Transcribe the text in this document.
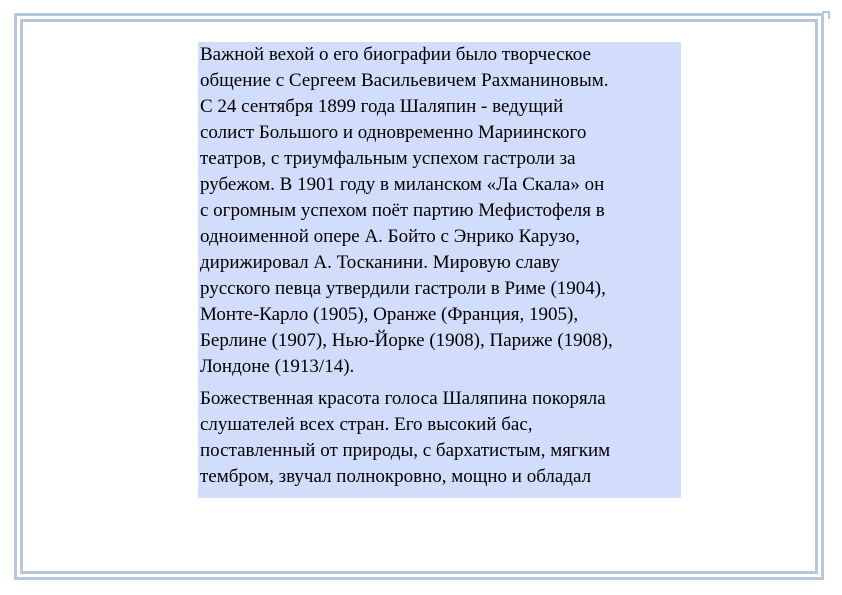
Важной вехой о его биографии было творческое
общение с Сергеем Васильевичем Рахманиновым.
С 24 сентября 1899 года Шаляпин - ведущий
солист Большого и одновременно Мариинского
театров, с триумфальным успехом гастроли за
рубежом. В 1901 году в миланском «Ла Скала» он
с огромным успехом поёт партию Мефистофеля в
одноименной опере А. Бойто с Энрико Карузо,
дирижировал А. Тосканини. Мировую славу
русского певца утвердили гастроли в Риме (1904),
Монте-Карло (1905), Оранже (Франция, 1905),
Берлине (1907), Нью-Йорке (1908), Париже (1908),
Лондоне (1913/14).

Божественная красота голоса Шаляпина покоряла
слушателей всех стран. Его высокий бас,
поставленный от природы, с бархатистым, мягким
тембром, звучал полнокровно, мощно и обладал
